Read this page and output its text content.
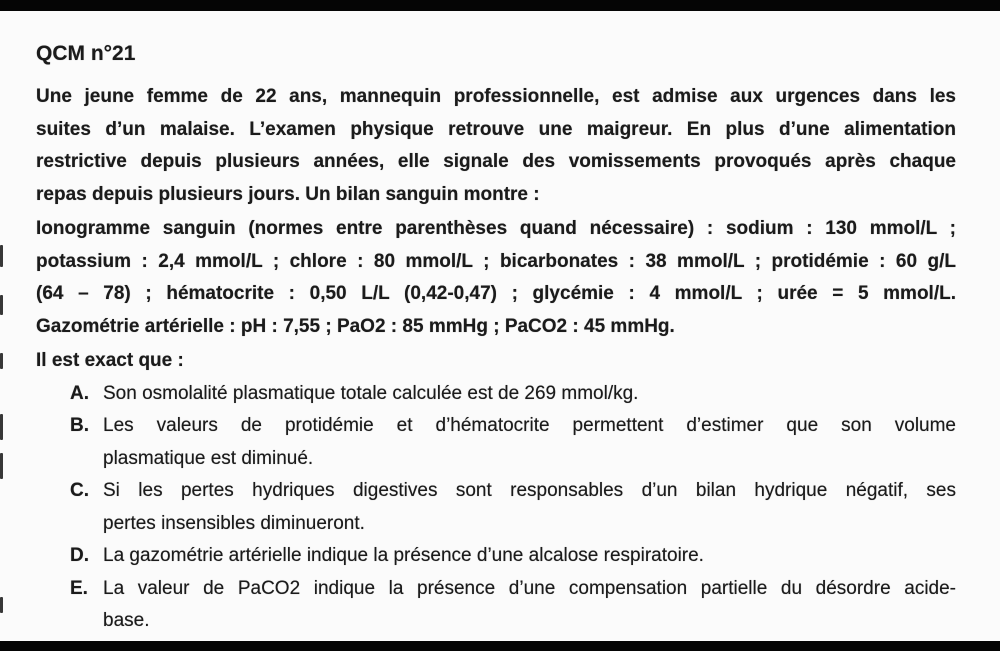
QCM n°21
Une jeune femme de 22 ans, mannequin professionnelle, est admise aux urgences dans les
suites d’un malaise. L’examen physique retrouve une maigreur. En plus d’une alimentation
restrictive depuis plusieurs années, elle signale des vomissements provoqués après chaque
repas depuis plusieurs jours. Un bilan sanguin montre :
Ionogramme sanguin (normes entre parenthèses quand nécessaire) : sodium : 130 mmol/L ;
potassium : 2,4 mmol/L ; chlore : 80 mmol/L ; bicarbonates : 38 mmol/L ; protidémie : 60 g/L
(64 – 78) ; hématocrite : 0,50 L/L (0,42-0,47) ; glycémie : 4 mmol/L ; urée = 5 mmol/L.
Gazométrie artérielle : pH : 7,55 ; PaO2 : 85 mmHg ; PaCO2 : 45 mmHg.
Il est exact que :
A. Son osmolalité plasmatique totale calculée est de 269 mmol/kg.
B. Les valeurs de protidémie et d’hématocrite permettent d’estimer que son volume
plasmatique est diminué.
C. Si les pertes hydriques digestives sont responsables d’un bilan hydrique négatif, ses
pertes insensibles diminueront.
D. La gazométrie artérielle indique la présence d’une alcalose respiratoire.
E. La valeur de PaCO2 indique la présence d’une compensation partielle du désordre acide-
base.
